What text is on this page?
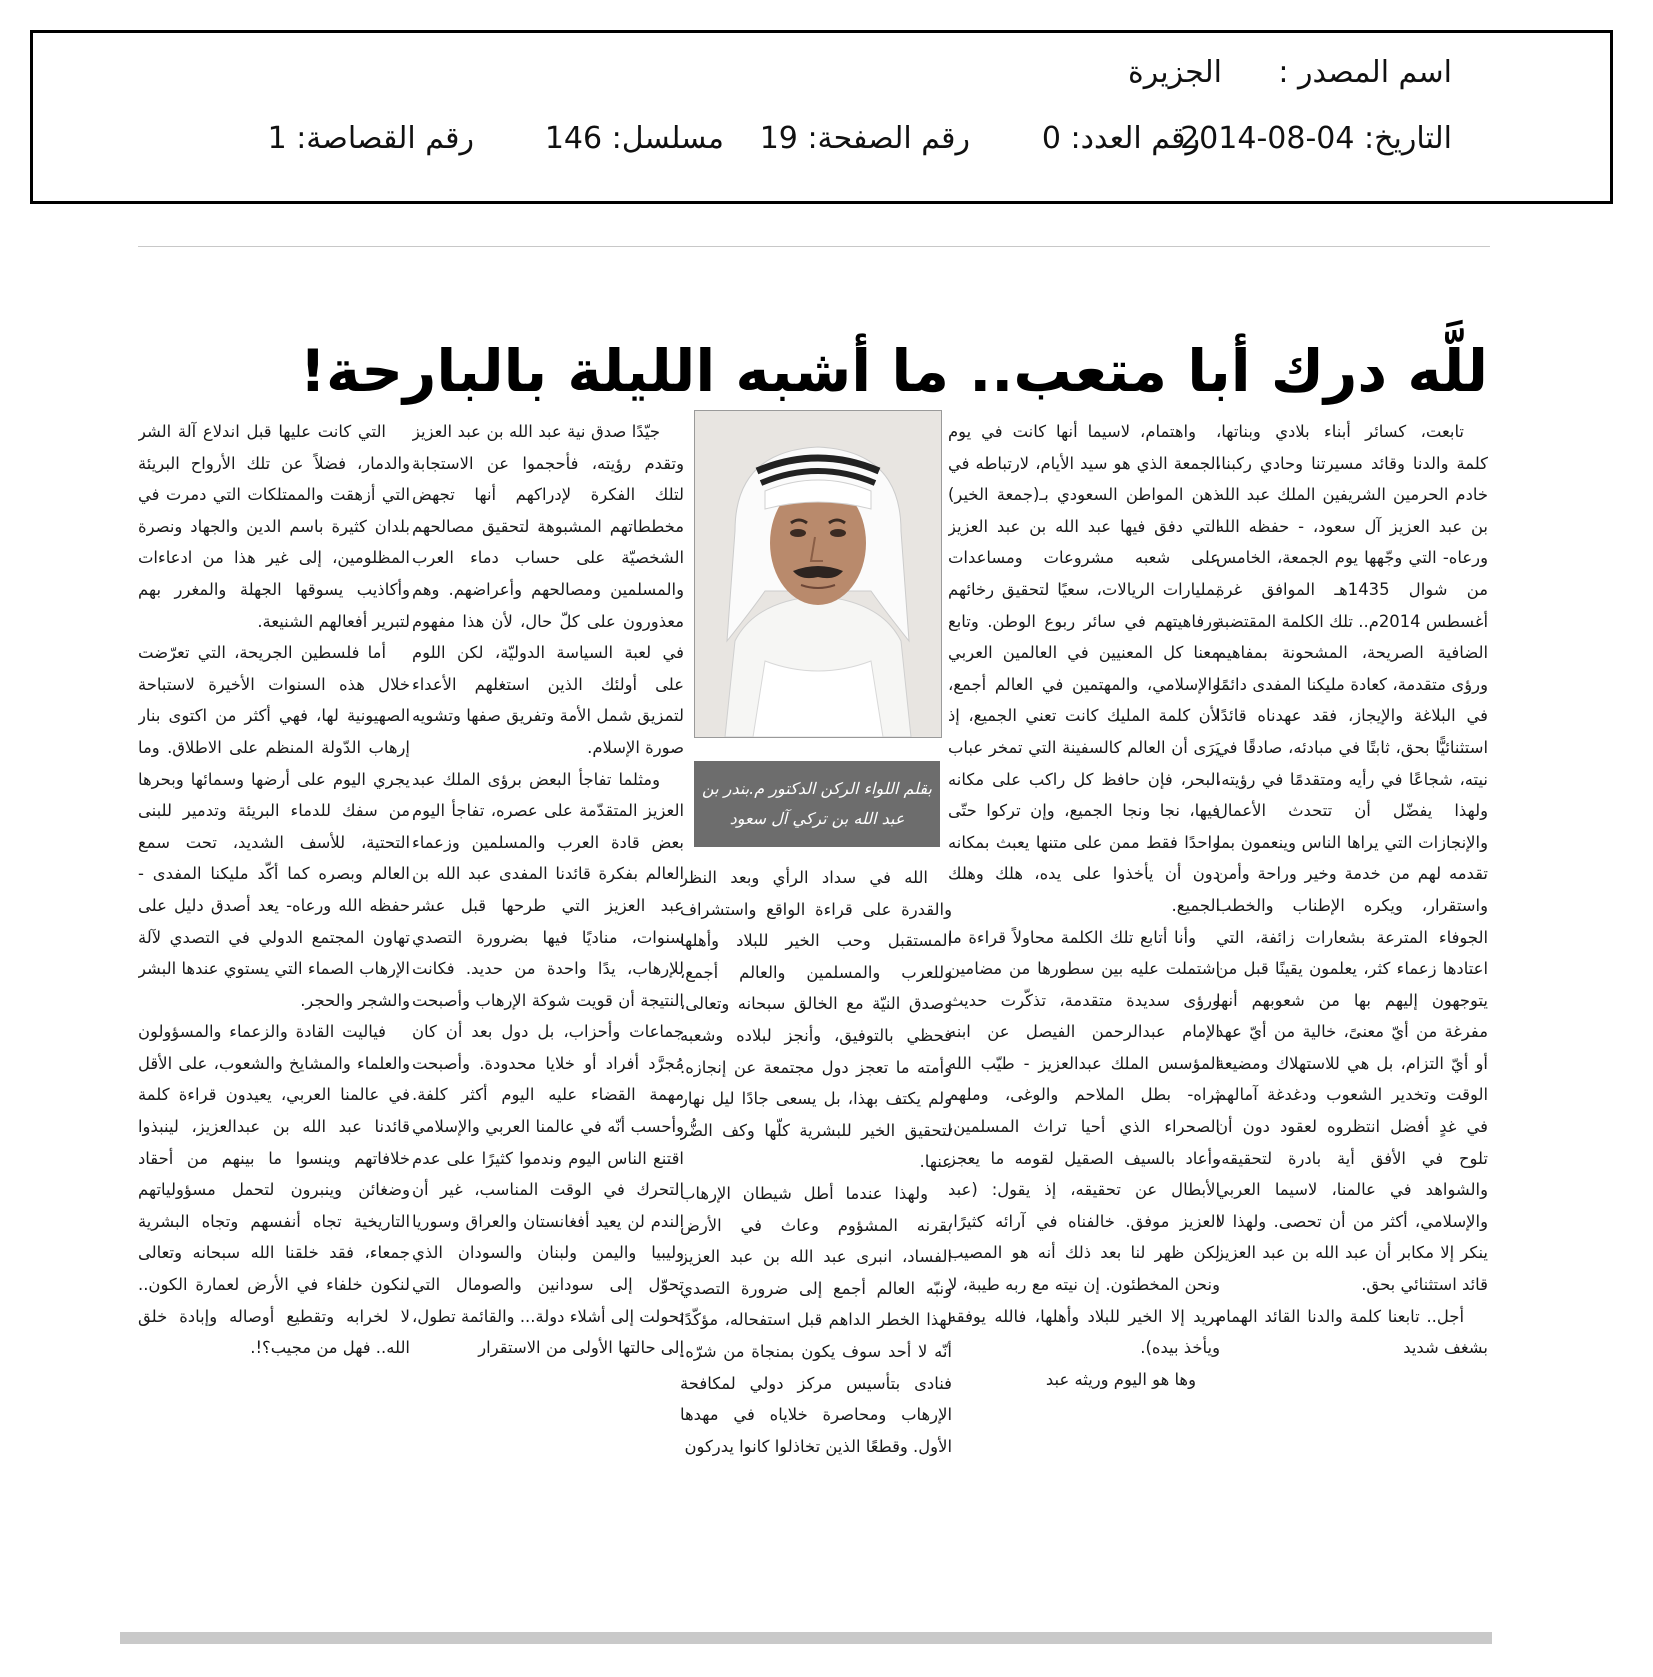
اسم المصدر :
الجزيرة
التاريخ: 04-08-2014
رقم العدد: 0
رقم الصفحة: 19
مسلسل: 146
رقم القصاصة: 1
للَّه درك أبا متعب.. ما أشبه الليلة بالبارحة!

تابعت، كسائر أبناء بلادي وبناتها، كلمة والدنا وقائد مسيرتنا وحادي ركبنا، خادم الحرمين الشريفين الملك عبد الله بن عبد العزيز آل سعود، - حفظه الله ورعاه- التي وجّهها يوم الجمعة، الخامس من شوال 1435هـ الموافق غرة أغسطس 2014م.. تلك الكلمة المقتضبة الضافية الصريحة، المشحونة بمفاهيم ورؤى متقدمة، كعادة مليكنا المفدى دائمًا في البلاغة والإيجاز، فقد عهدناه قائدًا استثنائيًّا بحق، ثابتًا في مبادئه، صادقًا في نيته، شجاعًا في رأيه ومتقدمًا في رؤيته، ولهذا يفضّل أن تتحدث الأعمال والإنجازات التي يراها الناس وينعمون بما تقدمه لهم من خدمة وخير وراحة وأمن واستقرار، ويكره الإطناب والخطب الجوفاء المترعة بشعارات زائفة، التي اعتادها زعماء كثر، يعلمون يقينًا قبل من يتوجهون إليهم بها من شعوبهم أنها مفرغة من أيّ معنىً، خالية من أيّ عهد أو أيّ التزام، بل هي للاستهلاك ومضيعة الوقت وتخدير الشعوب ودغدغة آمالهم في غدٍ أفضل انتظروه لعقود دون أن تلوح في الأفق أية بادرة لتحقيقه، والشواهد في عالمنا، لاسيما العربي والإسلامي، أكثر من أن تحصى. ولهذا لا ينكر إلا مكابر أن عبد الله بن عبد العزيز قائد استثنائي بحق.

أجل.. تابعنا كلمة والدنا القائد الهمام بشغف شديد

واهتمام، لاسيما أنها كانت في يوم الجمعة الذي هو سيد الأيام، لارتباطه في ذهن المواطن السعودي بـ(جمعة الخير) التي دفق فيها عبد الله بن عبد العزيز على شعبه مشروعات ومساعدات بمليارات الريالات، سعيًا لتحقيق رخائهم ورفاهيتهم في سائر ربوع الوطن. وتابع معنا كل المعنيين في العالمين العربي والإسلامي، والمهتمين في العالم أجمع، لأن كلمة المليك كانت تعني الجميع، إذ يَرَى أن العالم كالسفينة التي تمخر عباب البحر، فإن حافظ كل راكب على مكانه فيها، نجا ونجا الجميع، وإن تركوا حتّى واحدًا فقط ممن على متنها يعبث بمكانه دون أن يأخذوا على يده، هلك وهلك الجميع.

وأنا أتابع تلك الكلمة محاولاً قراءة ما اشتملت عليه بين سطورها من مضامين ورؤى سديدة متقدمة، تذكّرت حديث الإمام عبدالرحمن الفيصل عن ابنه المؤسس الملك عبدالعزيز - طيّب الله ثراه- بطل الملاحم والوغى، وملهم الصحراء الذي أحيا تراث المسلمين، وأعاد بالسيف الصقيل لقومه ما يعجز الأبطال عن تحقيقه، إذ يقول: (عبد العزيز موفق. خالفناه في آرائه كثيرًا، لكن ظهر لنا بعد ذلك أنه هو المصيب ونحن المخطئون. إن نيته مع ربه طيبة، لا يريد إلا الخير للبلاد وأهلها، فالله يوفقه ويأخذ بيده).

وها هو اليوم وريثه عبد

بقلم اللواء الركن الدكتور م.بندر بن عبد الله بن تركي آل سعود

الله في سداد الرأي وبعد النظر والقدرة على قراءة الواقع واستشراف المستقبل وحب الخير للبلاد وأهلها وللعرب والمسلمين والعالم أجمع، وصدق النيّة مع الخالق سبحانه وتعالى، فحظي بالتوفيق، وأنجز لبلاده وشعبه وأمته ما تعجز دول مجتمعة عن إنجازه. ولم يكتف بهذا، بل يسعى جادًا ليل نهار لتحقيق الخير للبشرية كلّها وكف الضُّر عنها.

ولهذا عندما أطل شيطان الإرهاب بقرنه المشؤوم وعاث في الأرض الفساد، انبرى عبد الله بن عبد العزيز ونبّه العالم أجمع إلى ضرورة التصدي لهذا الخطر الداهم قبل استفحاله، مؤكّدًا أنّه لا أحد سوف يكون بمنجاة من شرّه. فنادى بتأسيس مركز دولي لمكافحة الإرهاب ومحاصرة خلاياه في مهدها الأول. وقطعًا الذين تخاذلوا كانوا يدركون

جيّدًا صدق نية عبد الله بن عبد العزيز وتقدم رؤيته، فأحجموا عن الاستجابة لتلك الفكرة لإدراكهم أنها تجهض مخططاتهم المشبوهة لتحقيق مصالحهم الشخصيّة على حساب دماء العرب والمسلمين ومصالحهم وأعراضهم. وهم معذورون على كلّ حال، لأن هذا مفهوم في لعبة السياسة الدوليّة، لكن اللوم على أولئك الذين استغلهم الأعداء لتمزيق شمل الأمة وتفريق صفها وتشويه صورة الإسلام.

ومثلما تفاجأ البعض برؤى الملك عبد العزيز المتقدّمة على عصره، تفاجأ اليوم بعض قادة العرب والمسلمين وزعماء العالم بفكرة قائدنا المفدى عبد الله بن عبد العزيز التي طرحها قبل عشر سنوات، مناديًا فيها بضرورة التصدي للإرهاب، يدًا واحدة من حديد. فكانت النتيجة أن قويت شوكة الإرهاب وأصبحت جماعات وأحزاب، بل دول بعد أن كان مُجرَّد أفراد أو خلايا محدودة. وأصبحت مهمة القضاء عليه اليوم أكثر كلفة. وأحسب أنّه في عالمنا العربي والإسلامي اقتنع الناس اليوم وندموا كثيرًا على عدم التحرك في الوقت المناسب، غير أن الندم لن يعيد أفغانستان والعراق وسوريا وليبيا واليمن ولبنان والسودان الذي تحوّل إلى سودانين والصومال التي تحولت إلى أشلاء دولة... والقائمة تطول، إلى حالتها الأولى من الاستقرار

التي كانت عليها قبل اندلاع آلة الشر والدمار، فضلاً عن تلك الأرواح البريئة التي أزهقت والممتلكات التي دمرت في بلدان كثيرة باسم الدين والجهاد ونصرة المظلومين، إلى غير هذا من ادعاءات وأكاذيب يسوقها الجهلة والمغرر بهم لتبرير أفعالهم الشنيعة.

أما فلسطين الجريحة، التي تعرّضت خلال هذه السنوات الأخيرة لاستباحة الصهيونية لها، فهي أكثر من اكتوى بنار إرهاب الدّولة المنظم على الاطلاق. وما يجري اليوم على أرضها وسمائها وبحرها من سفك للدماء البريئة وتدمير للبنى التحتية، للأسف الشديد، تحت سمع العالم وبصره كما أكّد مليكنا المفدى - حفظه الله ورعاه- يعد أصدق دليل على تهاون المجتمع الدولي في التصدي لآلة الإرهاب الصماء التي يستوي عندها البشر والشجر والحجر.

فياليت القادة والزعماء والمسؤولون والعلماء والمشايخ والشعوب، على الأقل في عالمنا العربي، يعيدون قراءة كلمة قائدنا عبد الله بن عبدالعزيز، لينبذوا خلافاتهم وينسوا ما بينهم من أحقاد وضغائن وينبرون لتحمل مسؤولياتهم التاريخية تجاه أنفسهم وتجاه البشرية جمعاء، فقد خلقنا الله سبحانه وتعالى لنكون خلفاء في الأرض لعمارة الكون.. لا لخرابه وتقطيع أوصاله وإبادة خلق الله.. فهل من مجيب؟!.
